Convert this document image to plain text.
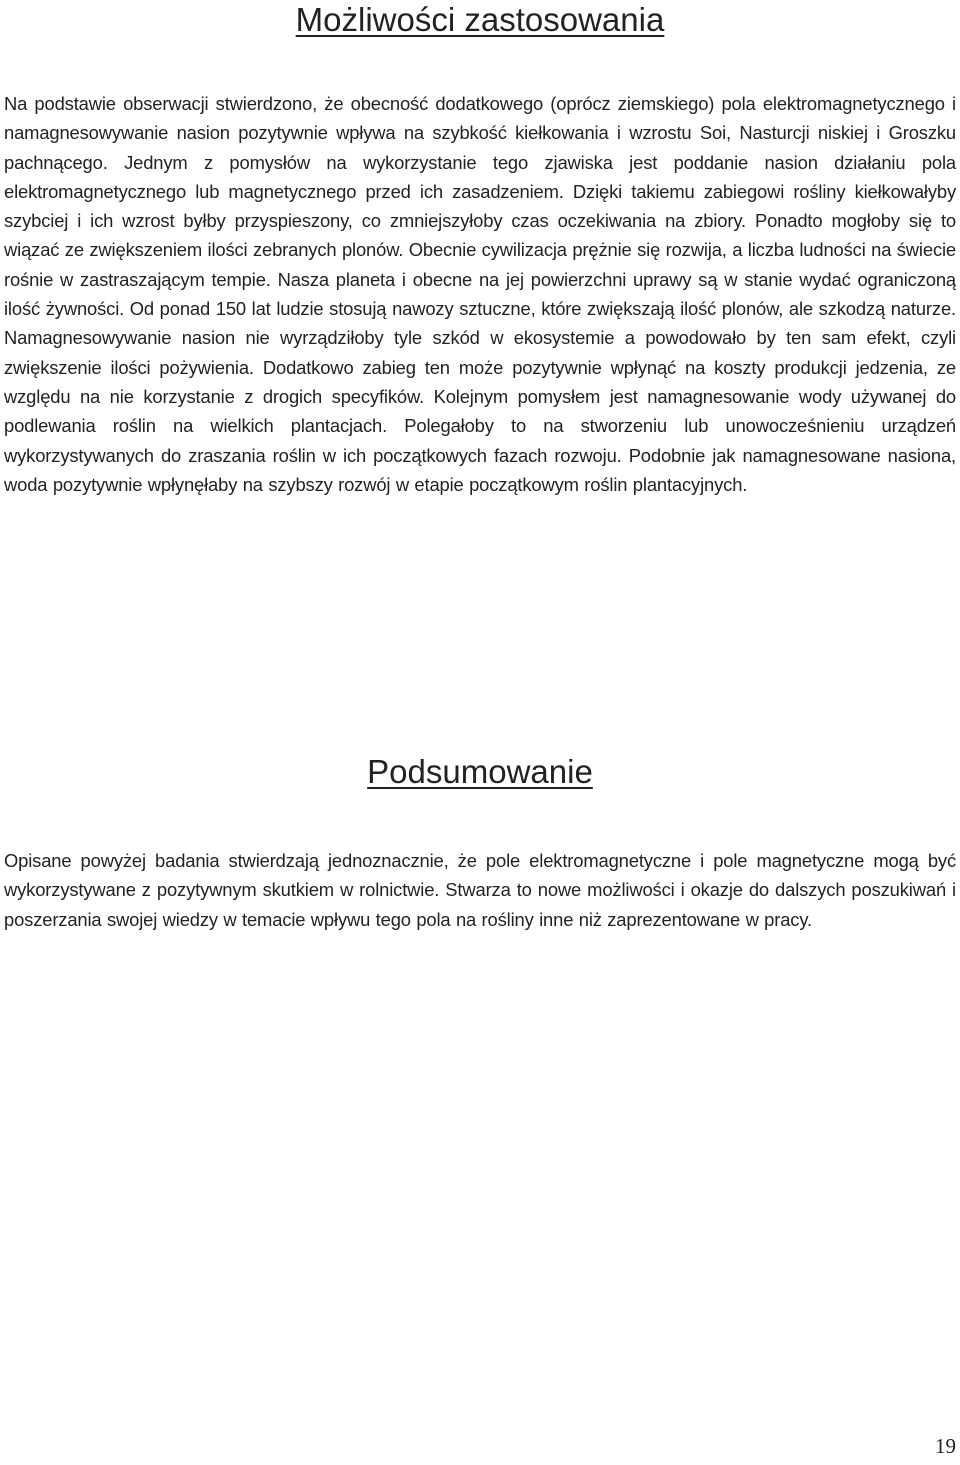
Możliwości zastosowania

Na podstawie obserwacji stwierdzono, że obecność dodatkowego (oprócz ziemskiego) pola elektromagnetycznego i namagnesowywanie nasion pozytywnie wpływa na szybkość kiełkowania i wzrostu Soi, Nasturcji niskiej i Groszku pachnącego. Jednym z pomysłów na wykorzystanie tego zjawiska jest poddanie nasion działaniu pola elektromagnetycznego lub magnetycznego przed ich zasadzeniem. Dzięki takiemu zabiegowi rośliny kiełkowałyby szybciej i ich wzrost byłby przyspieszony, co zmniejszyłoby czas oczekiwania na zbiory. Ponadto mogłoby się to wiązać ze zwiększeniem ilości zebranych plonów. Obecnie cywilizacja prężnie się rozwija, a liczba ludności na świecie rośnie w zastraszającym tempie. Nasza planeta i obecne na jej powierzchni uprawy są w stanie wydać ograniczoną ilość żywności. Od ponad 150 lat ludzie stosują nawozy sztuczne, które zwiększają ilość plonów, ale szkodzą naturze. Namagnesowywanie nasion nie wyrządziłoby tyle szkód w ekosystemie a powodowało by ten sam efekt, czyli zwiększenie ilości pożywienia. Dodatkowo zabieg ten może pozytywnie wpłynąć na koszty produkcji jedzenia, ze względu na nie korzystanie z drogich specyfików. Kolejnym pomysłem jest namagnesowanie wody używanej do podlewania roślin na wielkich plantacjach. Polegałoby to na stworzeniu lub unowocześnieniu urządzeń wykorzystywanych do zraszania roślin w ich początkowych fazach rozwoju. Podobnie jak namagnesowane nasiona, woda pozytywnie wpłynęłaby na szybszy rozwój w etapie początkowym roślin plantacyjnych.

Podsumowanie

Opisane powyżej badania stwierdzają jednoznacznie, że pole elektromagnetyczne i pole magnetyczne mogą być wykorzystywane z pozytywnym skutkiem w rolnictwie. Stwarza to nowe możliwości i okazje do dalszych poszukiwań i poszerzania swojej wiedzy w temacie wpływu tego pola na rośliny inne niż zaprezentowane w pracy.

19
